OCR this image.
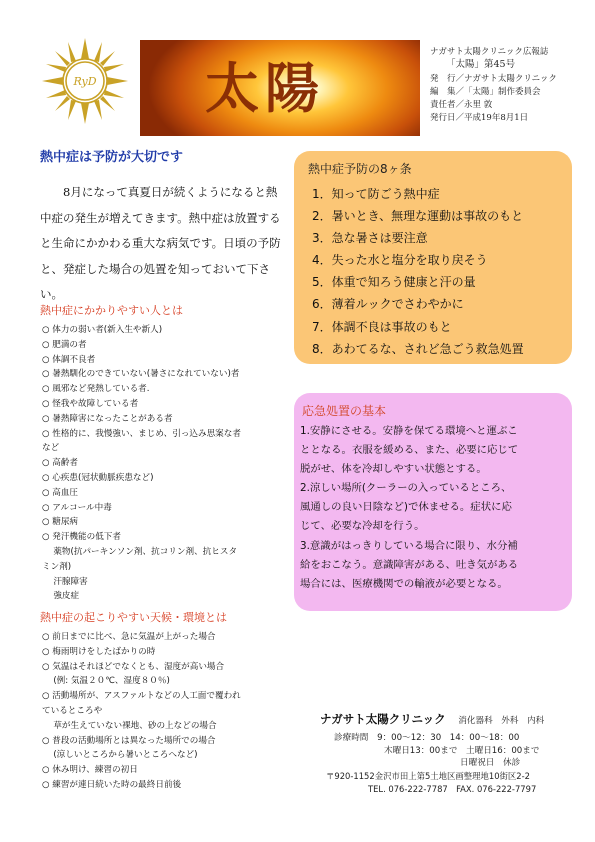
RyD 太陽
ナガサト太陽クリニック広報誌
「太陽」第45号
発　行／ナガサト太陽クリニック
編　集／「太陽」制作委員会
責任者／永里 敦
発行日／平成19年8月1日
熱中症は予防が大切です
8月になって真夏日が続くようになると熱中症の発生が増えてきます。熱中症は放置すると生命にかかわる重大な病気です。日頃の予防と、発症した場合の処置を知っておいて下さい。
熱中症にかかりやすい人とは
○ 体力の弱い者(新入生や新人)
○ 肥満の者
○ 体調不良者
○ 暑熱馴化のできていない(暑さになれていない)者
○ 風邪など発熱している者.
○ 怪我や故障している者
○ 暑熱障害になったことがある者
○ 性格的に、我慢強い、まじめ、引っ込み思案な者
など
○ 高齢者
○ 心疾患(冠状動脈疾患など)
○ 高血圧
○ アルコール中毒
○ 糖尿病
○ 発汗機能の低下者
　 薬物(抗パーキンソン剤、抗コリン剤、抗ヒスタ
ミン剤)
　 汗腺障害
　 強皮症
熱中症の起こりやすい天候・環境とは
○ 前日までに比べ、急に気温が上がった場合
○ 梅雨明けをしたばかりの時
○ 気温はそれほどでなくとも、湿度が高い場合
　 (例: 気温２０℃、湿度８０％)
○ 活動場所が、アスファルトなどの人工面で覆われ
ているところや
　 草が生えていない裸地、砂の上などの場合
○ 普段の活動場所とは異なった場所での場合
　 (涼しいところから暑いところへなど)
○ 休み明け、練習の初日
○ 練習が連日続いた時の最終日前後
熱中症予防の8ヶ条
1．知って防ごう熱中症
2．暑いとき、無理な運動は事故のもと
3．急な暑さは要注意
4．失った水と塩分を取り戻そう
5．体重で知ろう健康と汗の量
6．薄着ルックでさわやかに
7．体調不良は事故のもと
8．あわてるな、されど急ごう救急処置
応急処置の基本
1.安静にさせる。安静を保てる環境へと運ぶこ
ととなる。衣服を緩める、また、必要に応じて
脱がせ、体を冷却しやすい状態とする。
2.涼しい場所(クーラーの入っているところ、
風通しの良い日陰など)で休ませる。症状に応
じて、必要な冷却を行う。
3.意識がはっきりしている場合に限り、水分補
給をおこなう。意識障害がある、吐き気がある
場合には、医療機関での輸液が必要となる。
ナガサト太陽クリニック 消化器科　外科　内科
診療時間 9：00〜12：30　14：00〜18：00
木曜日13：00まで　土曜日16：00まで
日曜祝日　休診
〒920-1152金沢市田上第5土地区画整理地10街区2-2
TEL. 076-222-7787　FAX. 076-222-7797
